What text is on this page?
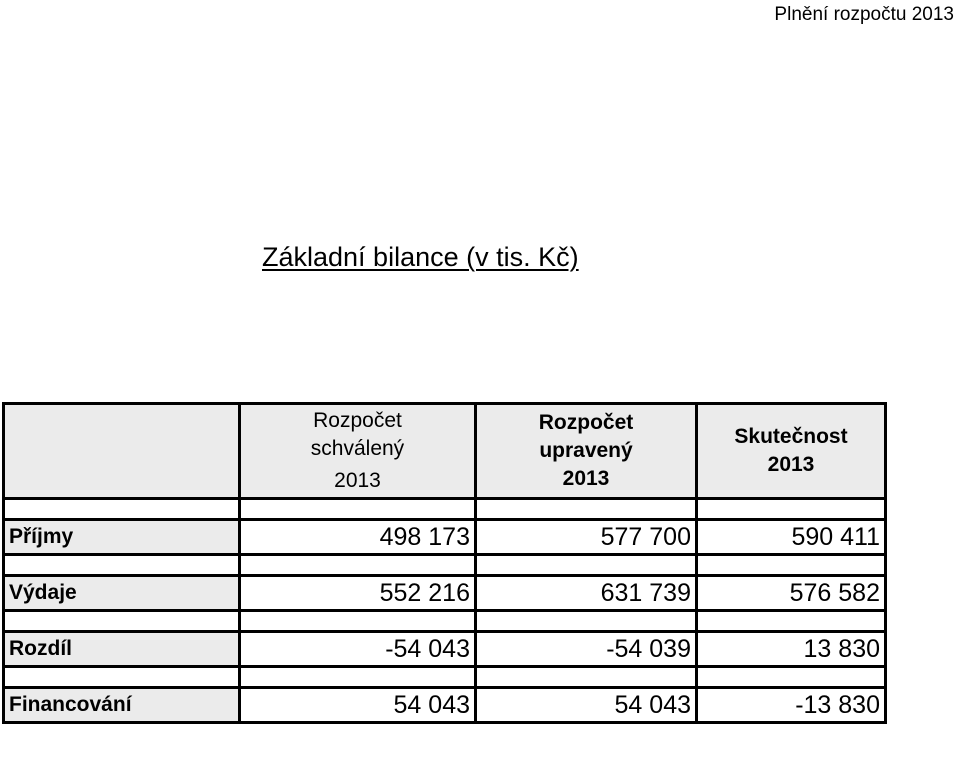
Plnění rozpočtu 2013
Základní bilance (v tis. Kč)

	Rozpočet
schválený
2013	Rozpočet
upravený
2013	Skutečnost
2013

Příjmy	498 173	577 700	590 411

Výdaje	552 216	631 739	576 582

Rozdíl	-54 043	-54 039	13 830

Financování	54 043	54 043	-13 830
